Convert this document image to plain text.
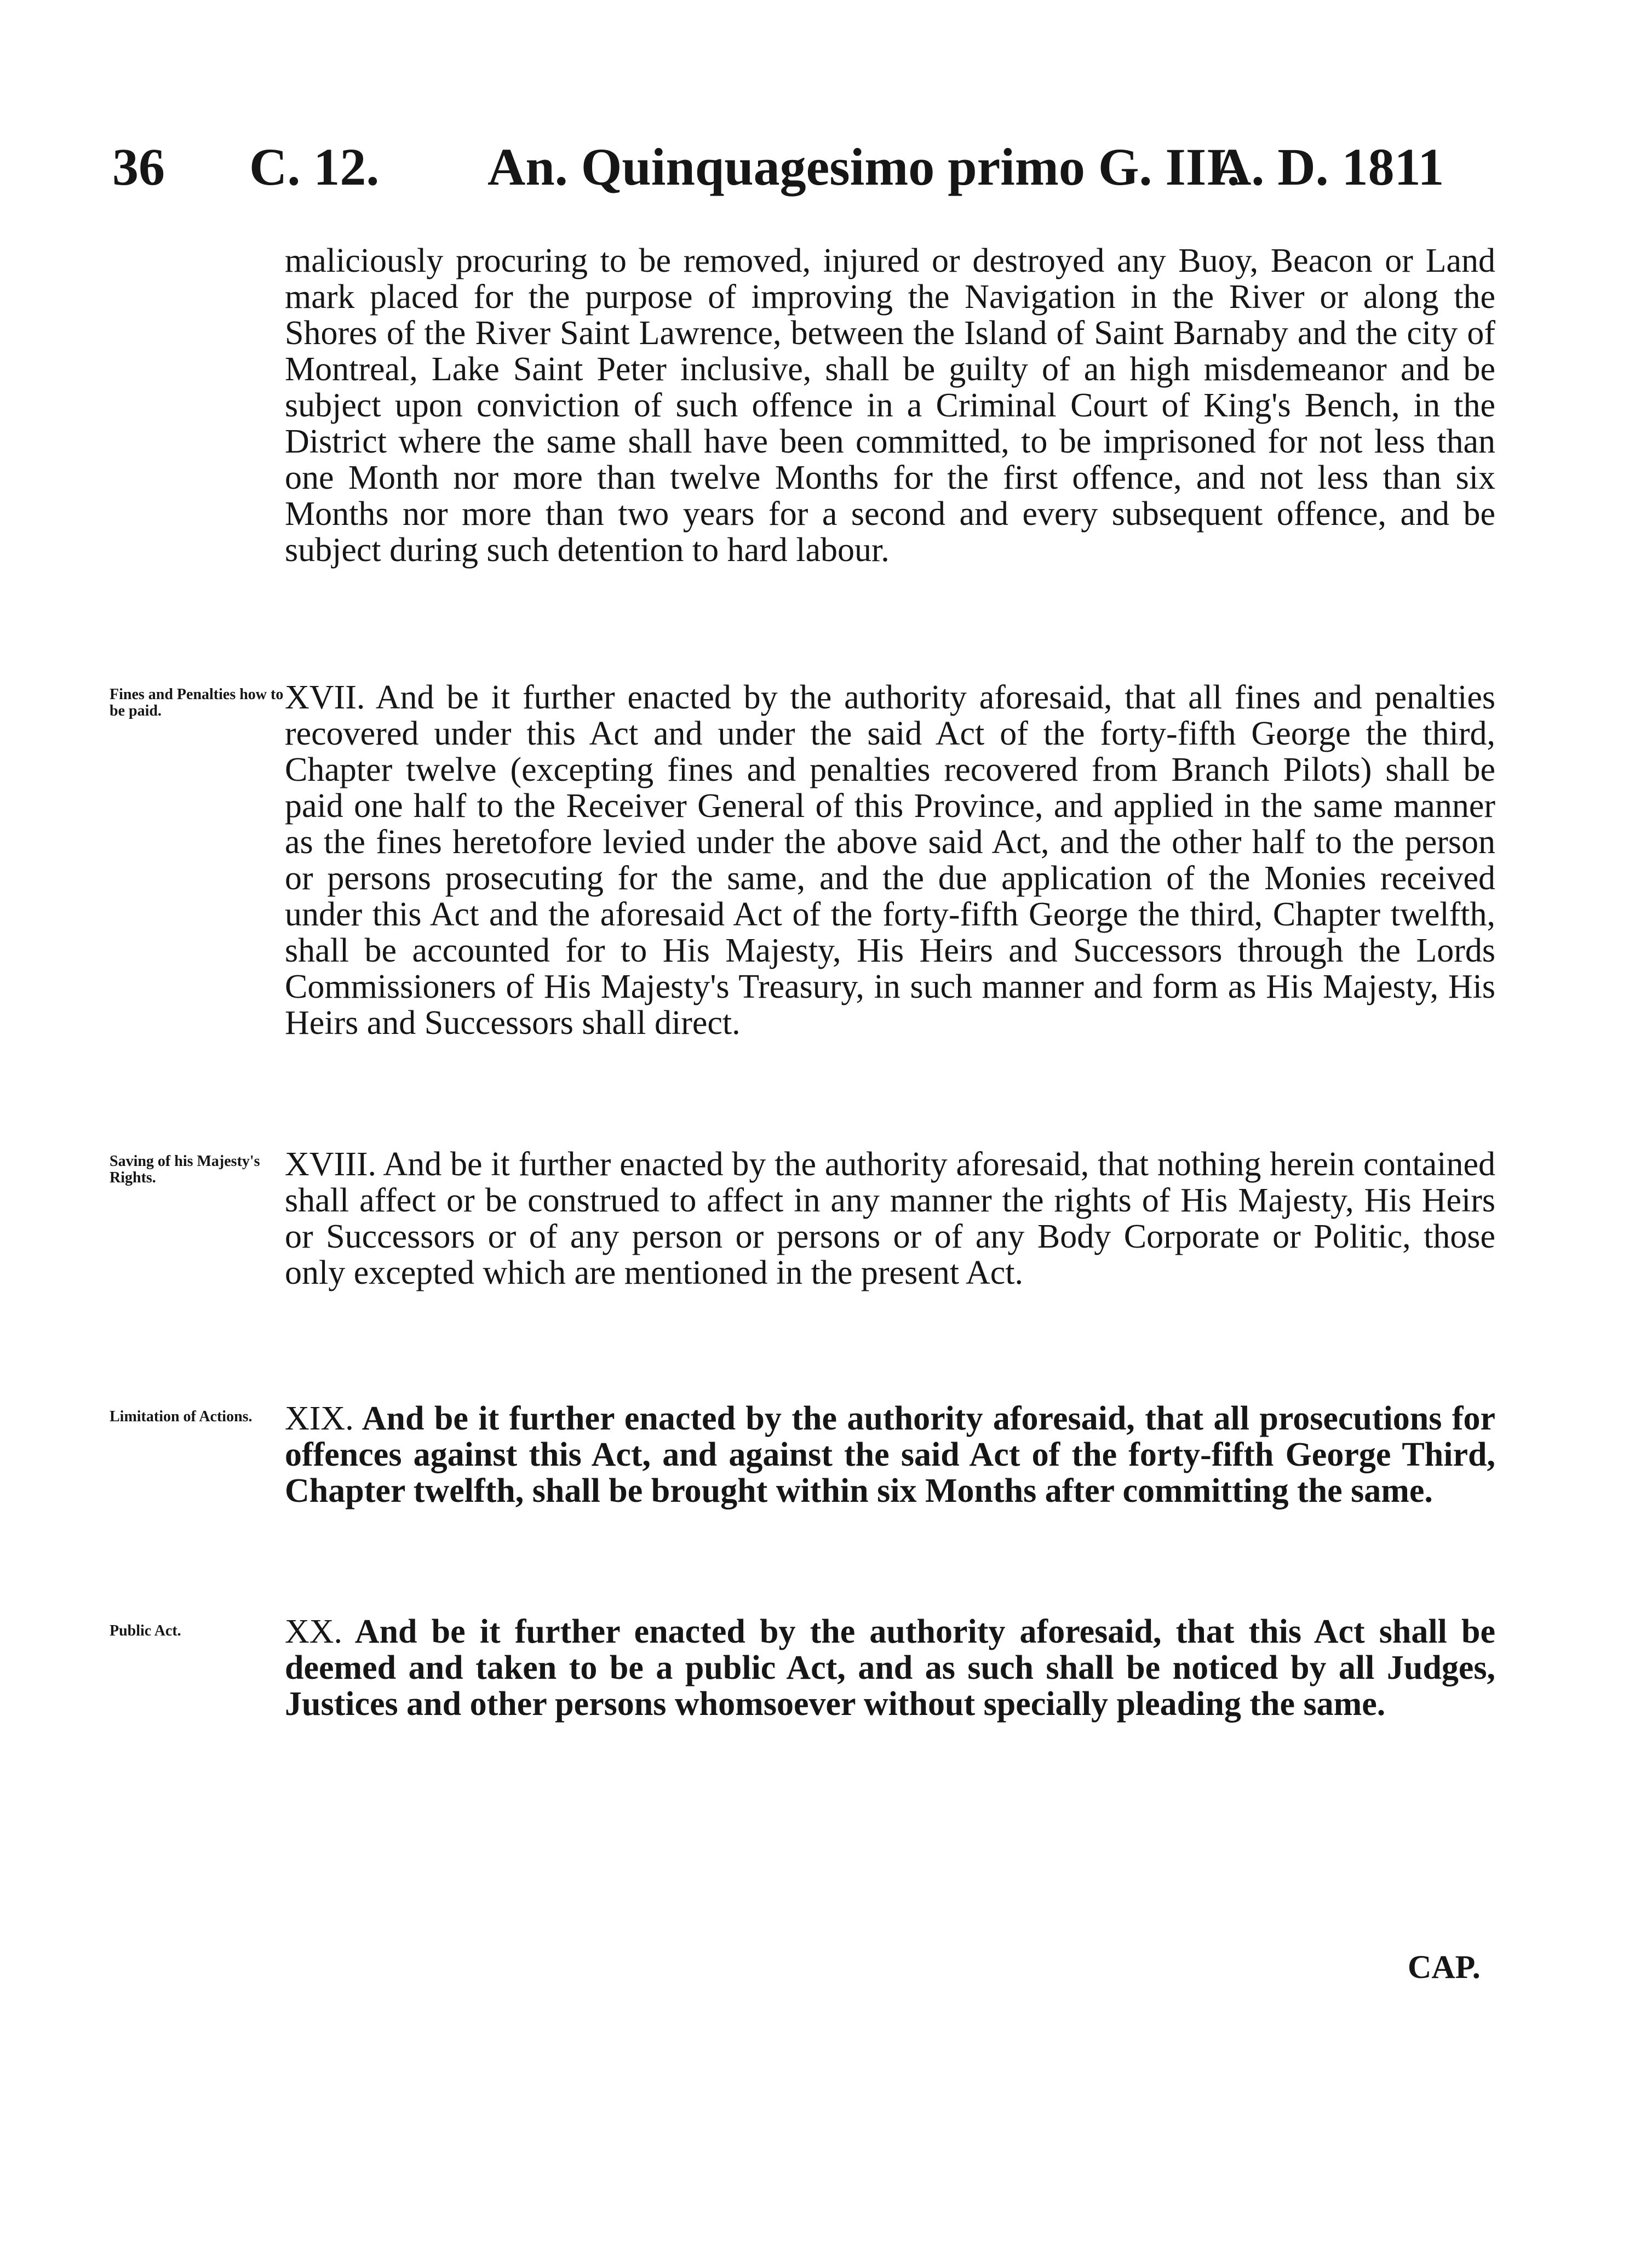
36 C. 12. An. Quinquagesimo primo G. III.
A. D. 1811

maliciously procuring to be removed, injured or destroyed any Buoy, Beacon or Land mark placed for the purpose of improving the Navigation in the River or along the Shores of the River Saint Lawrence, between the Island of Saint Barnaby and the city of Montreal, Lake Saint Peter inclusive, shall be guilty of an high misdemeanor and be subject upon conviction of such offence in a Criminal Court of King's Bench, in the District where the same shall have been committed, to be imprisoned for not less than one Month nor more than twelve Months for the first offence, and not less than six Months nor more than two years for a second and every subsequent offence, and be subject during such detention to hard labour.

Fines and Penalties how to be paid.	XVII. And be it further enacted by the authority aforesaid, that all fines and penalties recovered under this Act and under the said Act of the forty-fifth George the third, Chapter twelve (excepting fines and penalties recovered from Branch Pilots) shall be paid one half to the Receiver General of this Province, and applied in the same manner as the fines heretofore levied under the above said Act, and the other half to the person or persons prosecuting for the same, and the due application of the Monies received under this Act and the aforesaid Act of the forty-fifth George the third, Chapter twelfth, shall be accounted for to His Majesty, His Heirs and Successors through the Lords Commissioners of His Majesty's Treasury, in such manner and form as His Majesty, His Heirs and Successors shall direct.

Saving of his Majesty's Rights.	XVIII. And be it further enacted by the authority aforesaid, that nothing herein contained shall affect or be construed to affect in any manner the rights of His Majesty, His Heirs or Successors or of any person or persons or of any Body Corporate or Politic, those only excepted which are mentioned in the present Act.

Limitation of Actions. XIX. And be it further enacted by the authority aforesaid, that all prosecutions for offences against this Act, and against the said Act of the forty-fifth George Third, Chapter twelfth, shall be brought within six Months after committing the same.

Public Act.	XX. And be it further enacted by the authority aforesaid, that this Act shall be deemed and taken to be a public Act, and as such shall be noticed by all Judges, Justices and other persons whomsoever without specially pleading the same.

CAP.
